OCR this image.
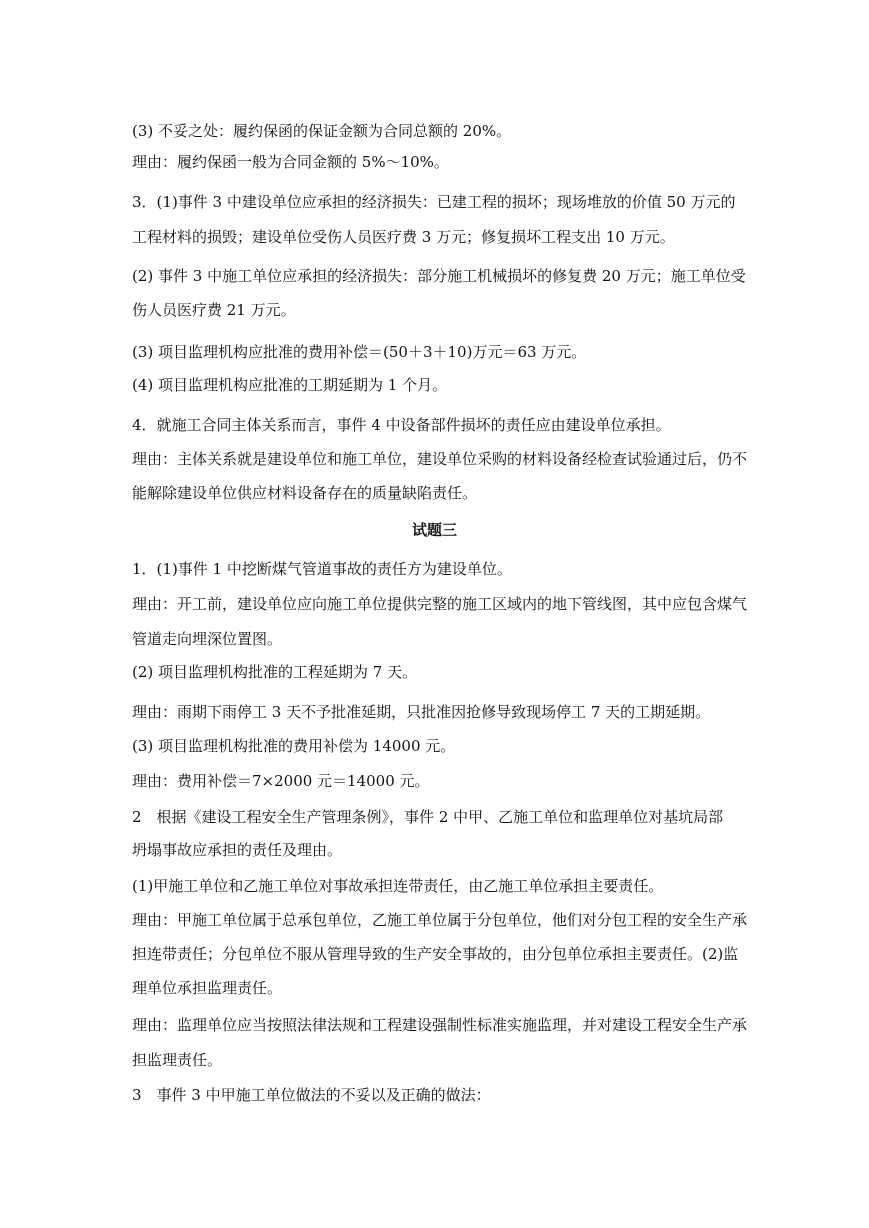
(3) 不妥之处：履约保函的保证金额为合同总额的 20%。

理由：履约保函一般为合同金额的 5%～10%。

3．(1)事件 3 中建设单位应承担的经济损失：已建工程的损坏；现场堆放的价值 50 万元的

工程材料的损毁；建设单位受伤人员医疗费 3 万元；修复损坏工程支出 10 万元。

(2) 事件 3 中施工单位应承担的经济损失：部分施工机械损坏的修复费 20 万元；施工单位受

伤人员医疗费 21 万元。

(3) 项目监理机构应批准的费用补偿＝(50＋3＋10)万元＝63 万元。

(4) 项目监理机构应批准的工期延期为 1 个月。

4．就施工合同主体关系而言，事件 4 中设备部件损坏的责任应由建设单位承担。

理由：主体关系就是建设单位和施工单位，建设单位采购的材料设备经检查试验通过后，仍不

能解除建设单位供应材料设备存在的质量缺陷责任。

试题三

1．(1)事件 1 中挖断煤气管道事故的责任方为建设单位。

理由：开工前，建设单位应向施工单位提供完整的施工区域内的地下管线图，其中应包含煤气

管道走向埋深位置图。

(2) 项目监理机构批准的工程延期为 7 天。

理由：雨期下雨停工 3 天不予批准延期，只批准因抢修导致现场停工 7 天的工期延期。

(3) 项目监理机构批准的费用补偿为 14000 元。

理由：费用补偿＝7×2000 元＝14000 元。

2　根据《建设工程安全生产管理条例》，事件 2 中甲、乙施工单位和监理单位对基坑局部

坍塌事故应承担的责任及理由。

(1)甲施工单位和乙施工单位对事故承担连带责任，由乙施工单位承担主要责任。

理由：甲施工单位属于总承包单位，乙施工单位属于分包单位，他们对分包工程的安全生产承

担连带责任；分包单位不服从管理导致的生产安全事故的，由分包单位承担主要责任。(2)监

理单位承担监理责任。

理由：监理单位应当按照法律法规和工程建设强制性标准实施监理，并对建设工程安全生产承

担监理责任。

3　事件 3 中甲施工单位做法的不妥以及正确的做法：
